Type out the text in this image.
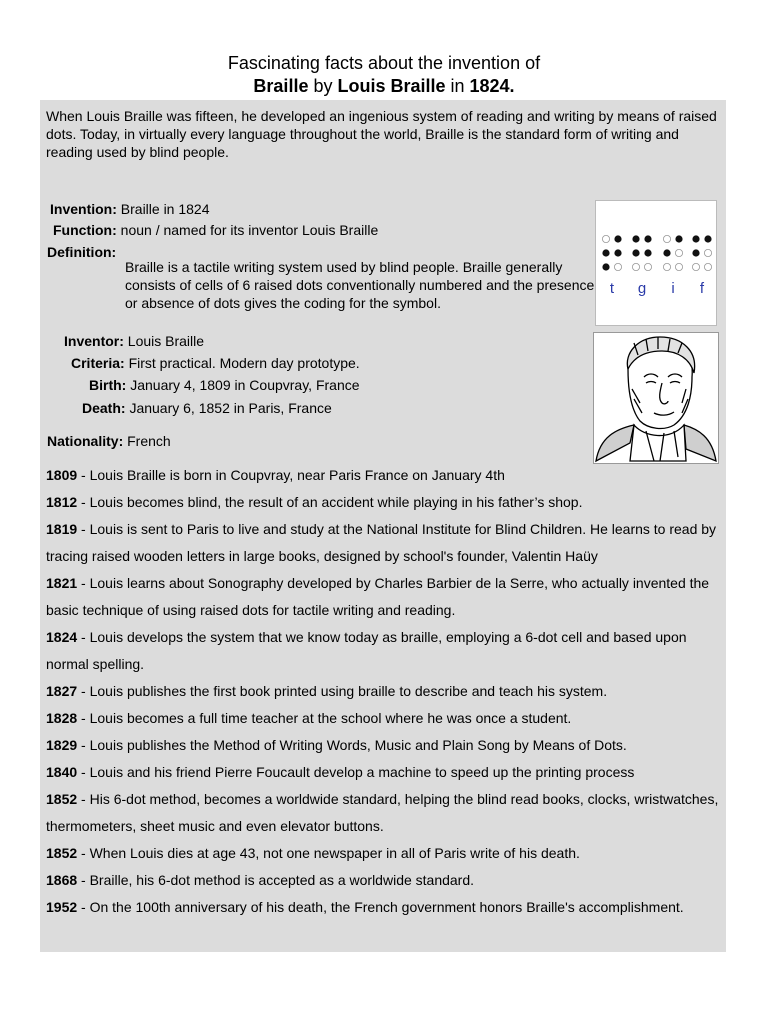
Fascinating facts about the invention of
Braille by Louis Braille in 1824.
When Louis Braille was fifteen, he developed an ingenious system of reading and writing by means of raised dots. Today, in virtually every language throughout the world, Braille is the standard form of writing and reading used by blind people.
Invention: Braille in 1824
Function: noun / named for its inventor Louis Braille
Definition:
Inventor: Louis Braille
Criteria: First practical. Modern day prototype.
Birth: January 4, 1809 in Coupvray, France
Death: January 6, 1852 in Paris, France
Nationality: French
Braille is a tactile writing system used by blind people. Braille generally consists of cells of 6 raised dots conventionally numbered and the presence or absence of dots gives the coding for the symbol.
t g i f

1809 - Louis Braille is born in Coupvray, near Paris France on January 4th

1812 - Louis becomes blind, the result of an accident while playing in his father’s shop.

1819 - Louis is sent to Paris to live and study at the National Institute for Blind Children. He learns to read by tracing raised wooden letters in large books, designed by school's founder, Valentin Haüy

1821 - Louis learns about Sonography developed by Charles Barbier de la Serre, who actually invented the basic technique of using raised dots for tactile writing and reading.

1824 - Louis develops the system that we know today as braille, employing a 6-dot cell and based upon normal spelling.

1827 - Louis publishes the first book printed using braille to describe and teach his system.

1828 - Louis becomes a full time teacher at the school where he was once a student.

1829 - Louis publishes the Method of Writing Words, Music and Plain Song by Means of Dots.

1840 - Louis and his friend Pierre Foucault develop a machine to speed up the printing process

1852 - His 6-dot method, becomes a worldwide standard, helping the blind read books, clocks, wristwatches, thermometers, sheet music and even elevator buttons.

1852 - When Louis dies at age 43, not one newspaper in all of Paris write of his death.

1868 - Braille, his 6-dot method is accepted as a worldwide standard.

1952 - On the 100th anniversary of his death, the French government honors Braille's accomplishment.
